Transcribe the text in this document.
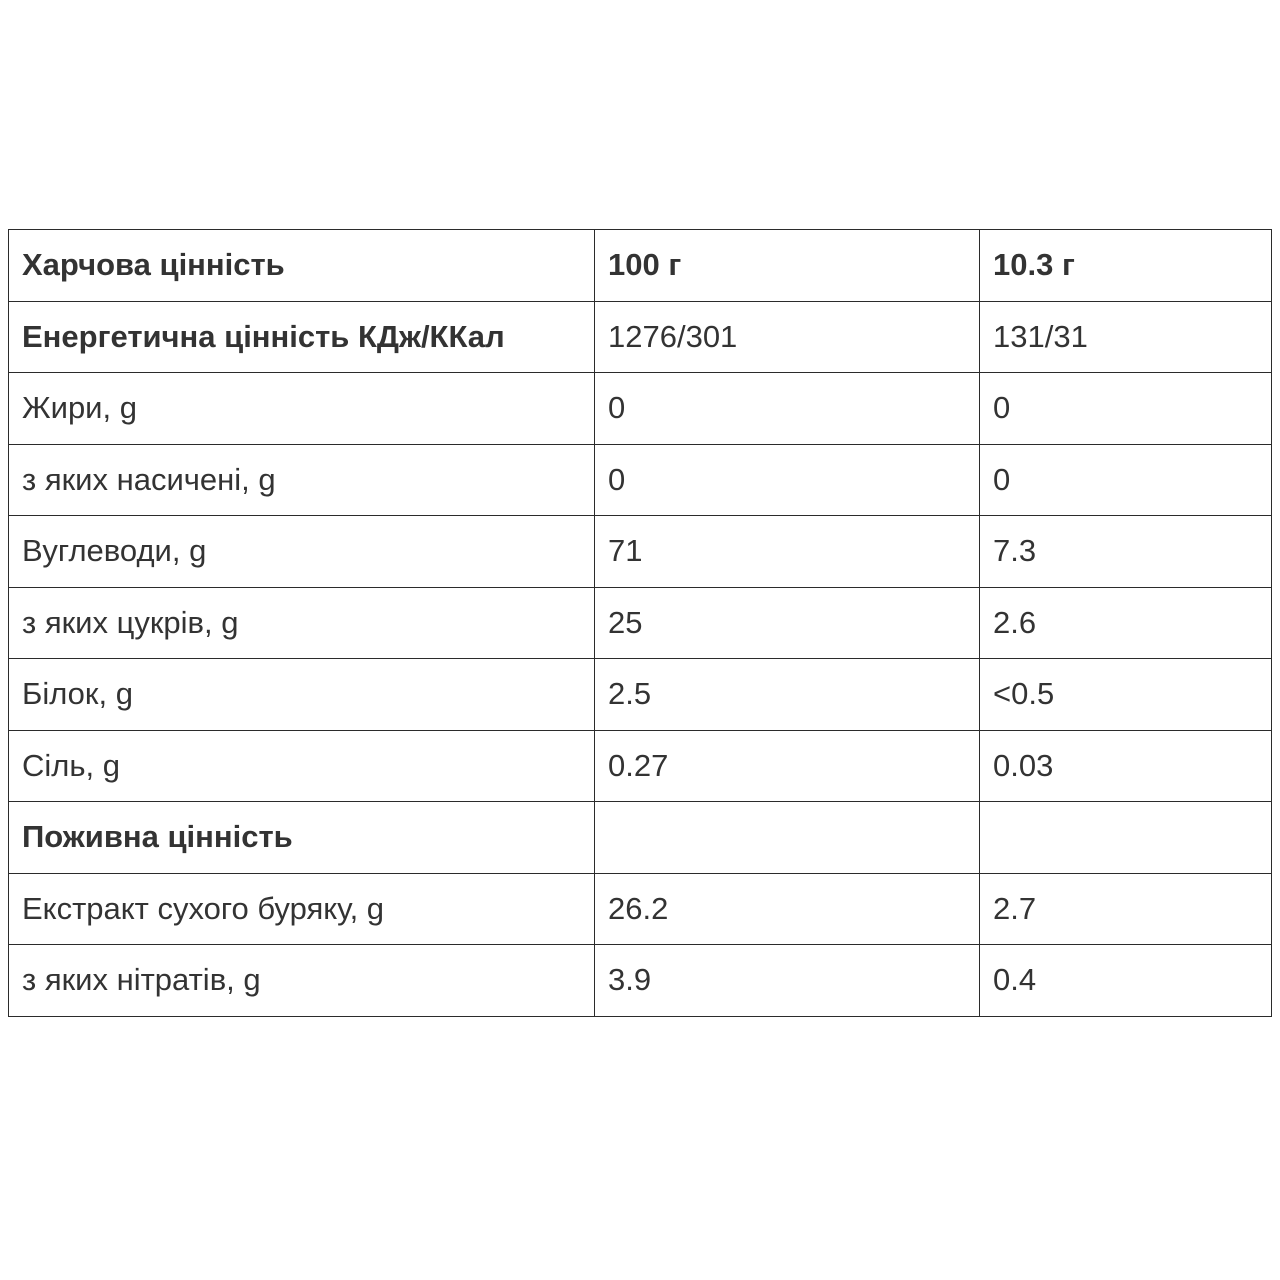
Харчова цінність	100 г	10.3 г
Енергетична цінність КДж/ККал	1276/301	131/31
Жири, g	0	0
з яких насичені, g	0	0
Вуглеводи, g	71	7.3
з яких цукрів, g	25	2.6
Білок, g	2.5	<0.5
Сіль, g	0.27	0.03
Поживна цінність		
Екстракт сухого буряку, g	26.2	2.7
з яких нітратів, g	3.9	0.4
